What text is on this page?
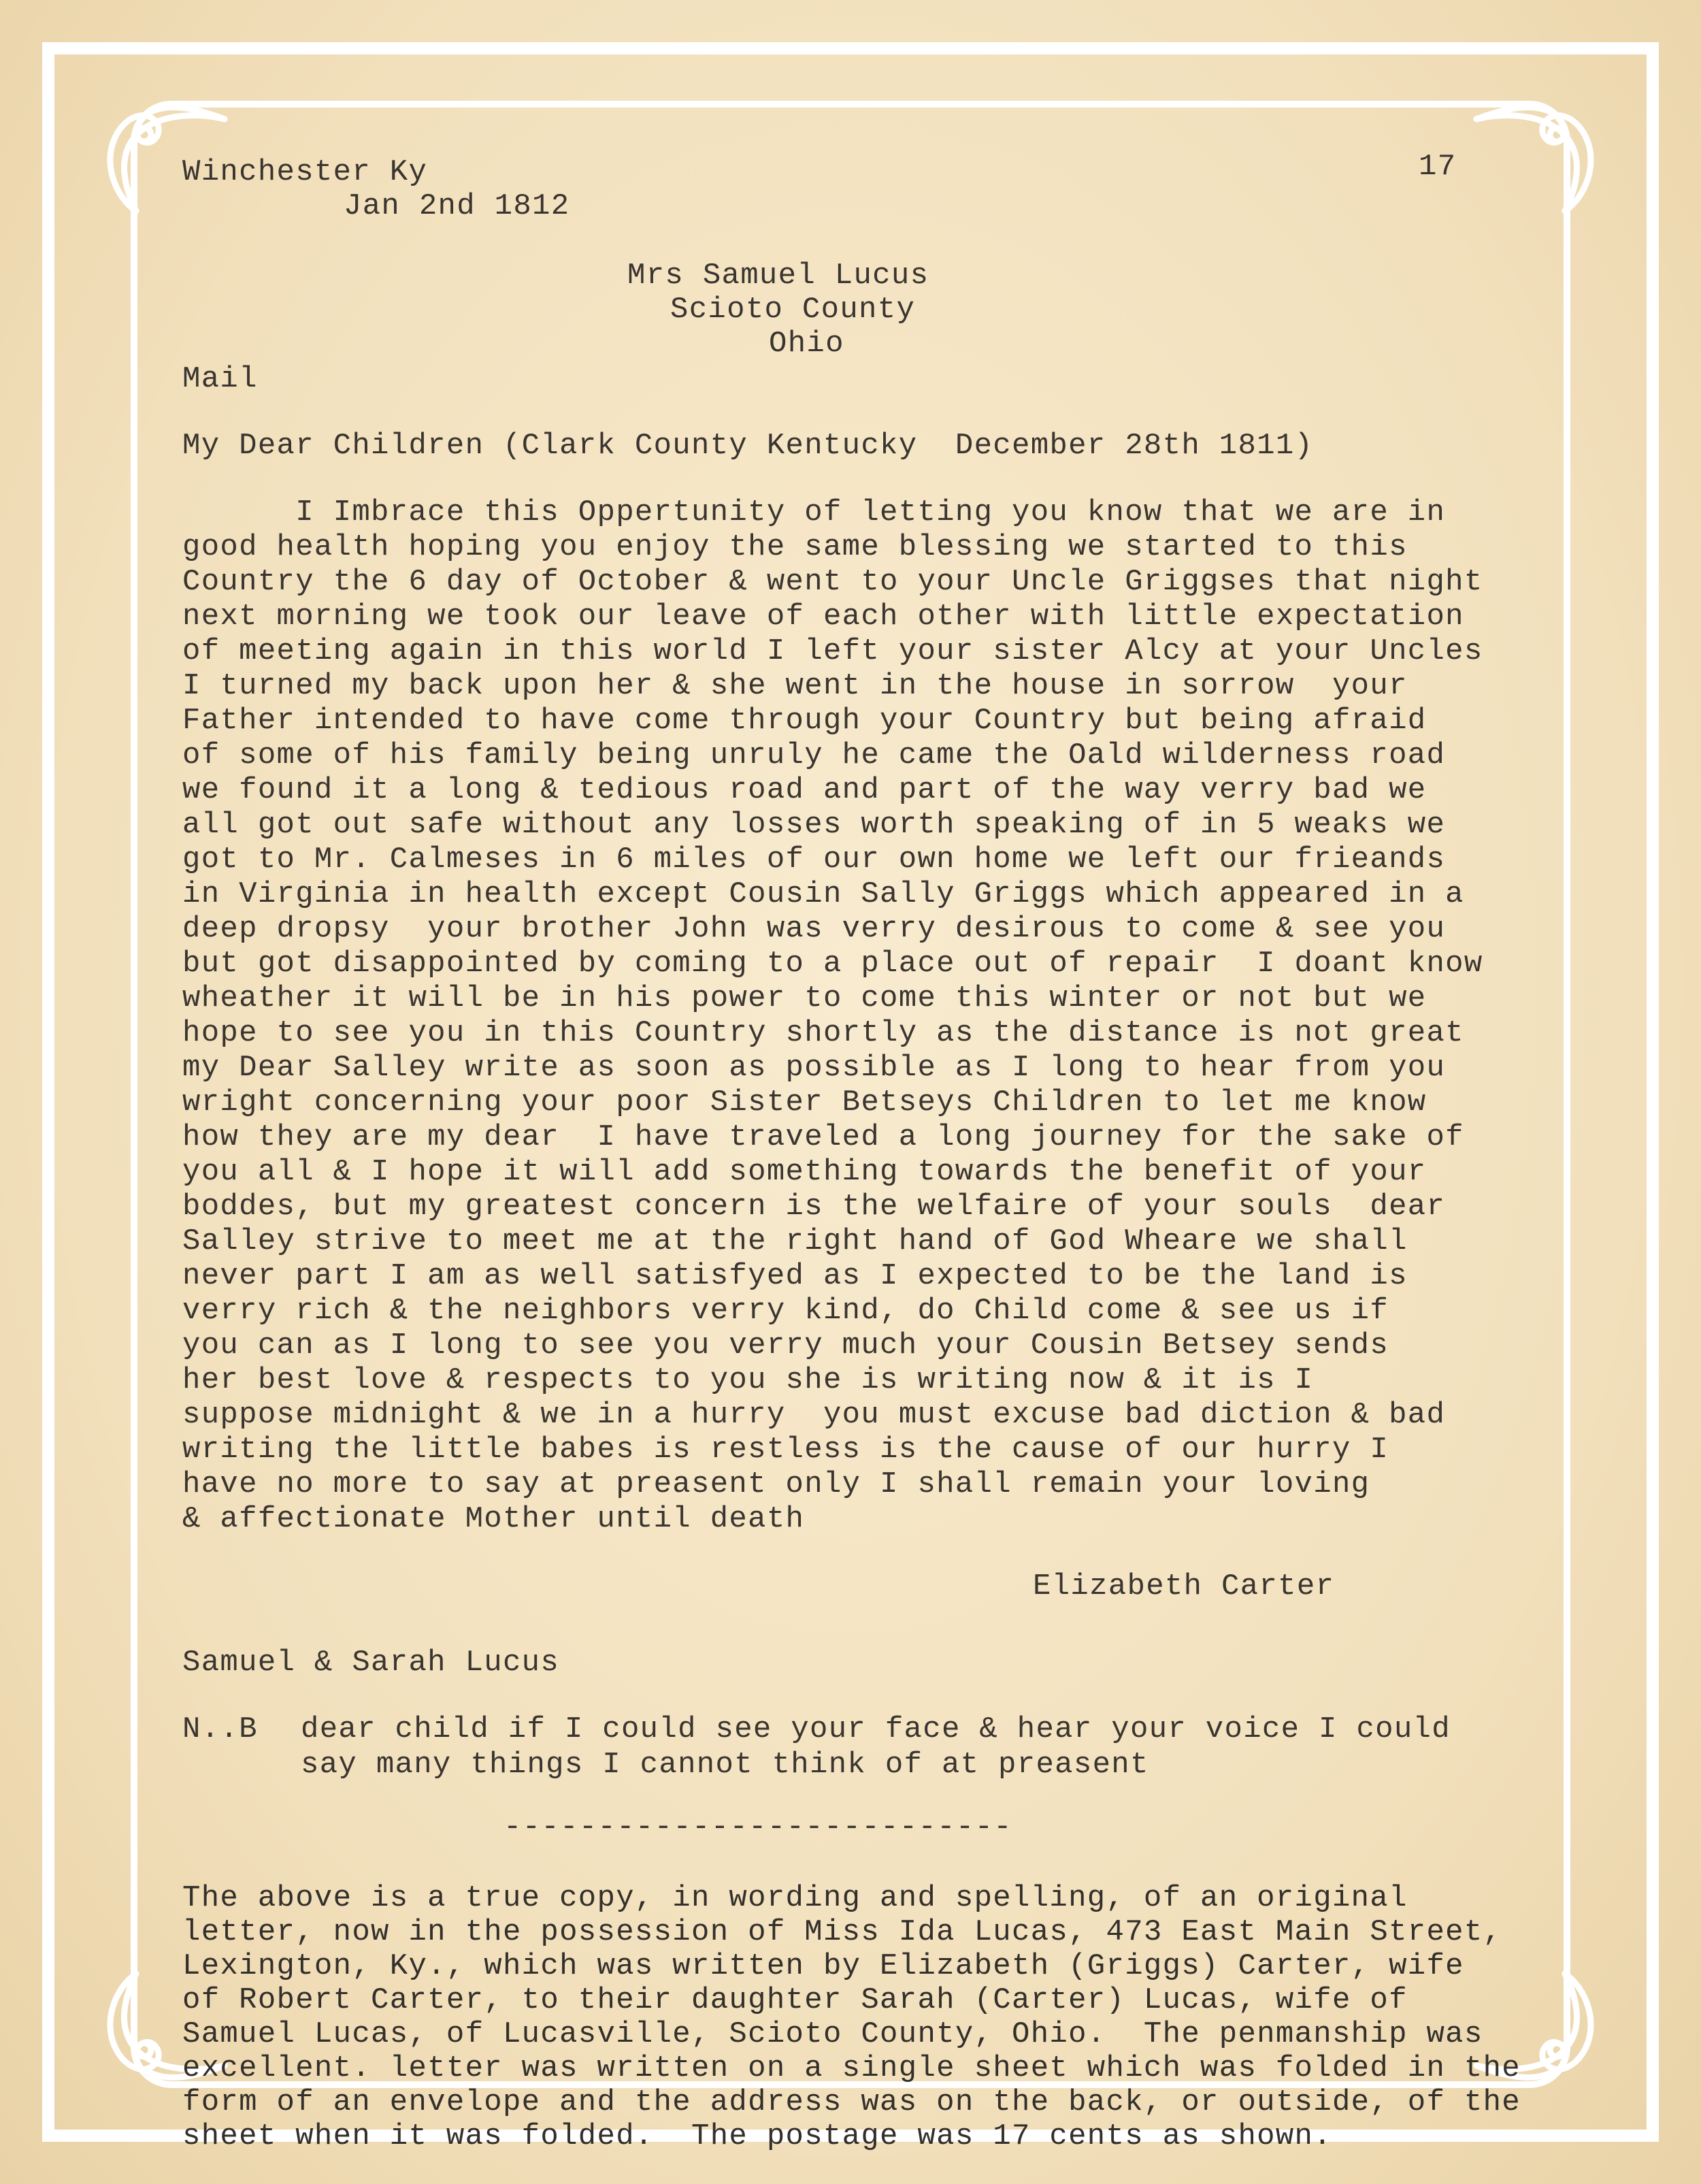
Winchester Ky

Jan 2nd 1812

17

Mrs Samuel Lucus

Scioto County

Ohio

Mail

My Dear Children (Clark County Kentucky  December 28th 1811)

I Imbrace this Oppertunity of letting you know that we are in
good health hoping you enjoy the same blessing we started to this
Country the 6 day of October & went to your Uncle Griggses that night
next morning we took our leave of each other with little expectation
of meeting again in this world I left your sister Alcy at your Uncles
I turned my back upon her & she went in the house in sorrow  your
Father intended to have come through your Country but being afraid
of some of his family being unruly he came the Oald wilderness road
we found it a long & tedious road and part of the way verry bad we
all got out safe without any losses worth speaking of in 5 weaks we
got to Mr. Calmeses in 6 miles of our own home we left our frieands
in Virginia in health except Cousin Sally Griggs which appeared in a
deep dropsy  your brother John was verry desirous to come & see you
but got disappointed by coming to a place out of repair  I doant know
wheather it will be in his power to come this winter or not but we
hope to see you in this Country shortly as the distance is not great
my Dear Salley write as soon as possible as I long to hear from you
wright concerning your poor Sister Betseys Children to let me know
how they are my dear  I have traveled a long journey for the sake of
you all & I hope it will add something towards the benefit of your
boddes, but my greatest concern is the welfaire of your souls  dear
Salley strive to meet me at the right hand of God Wheare we shall
never part I am as well satisfyed as I expected to be the land is
verry rich & the neighbors verry kind, do Child come & see us if
you can as I long to see you verry much your Cousin Betsey sends
her best love & respects to you she is writing now & it is I
suppose midnight & we in a hurry  you must excuse bad diction & bad
writing the little babes is restless is the cause of our hurry I
have no more to say at preasent only I shall remain your loving
& affectionate Mother until death

Elizabeth Carter

Samuel & Sarah Lucus

N..B dear child if I could see your face & hear your voice I could

say many things I cannot think of at preasent

---------------------------

The above is a true copy, in wording and spelling, of an original
letter, now in the possession of Miss Ida Lucas, 473 East Main Street,
Lexington, Ky., which was written by Elizabeth (Griggs) Carter, wife
of Robert Carter, to their daughter Sarah (Carter) Lucas, wife of
Samuel Lucas, of Lucasville, Scioto County, Ohio.  The penmanship was
excellent. letter was written on a single sheet which was folded in the
form of an envelope and the address was on the back, or outside, of the
sheet when it was folded.  The postage was 17 cents as shown.
